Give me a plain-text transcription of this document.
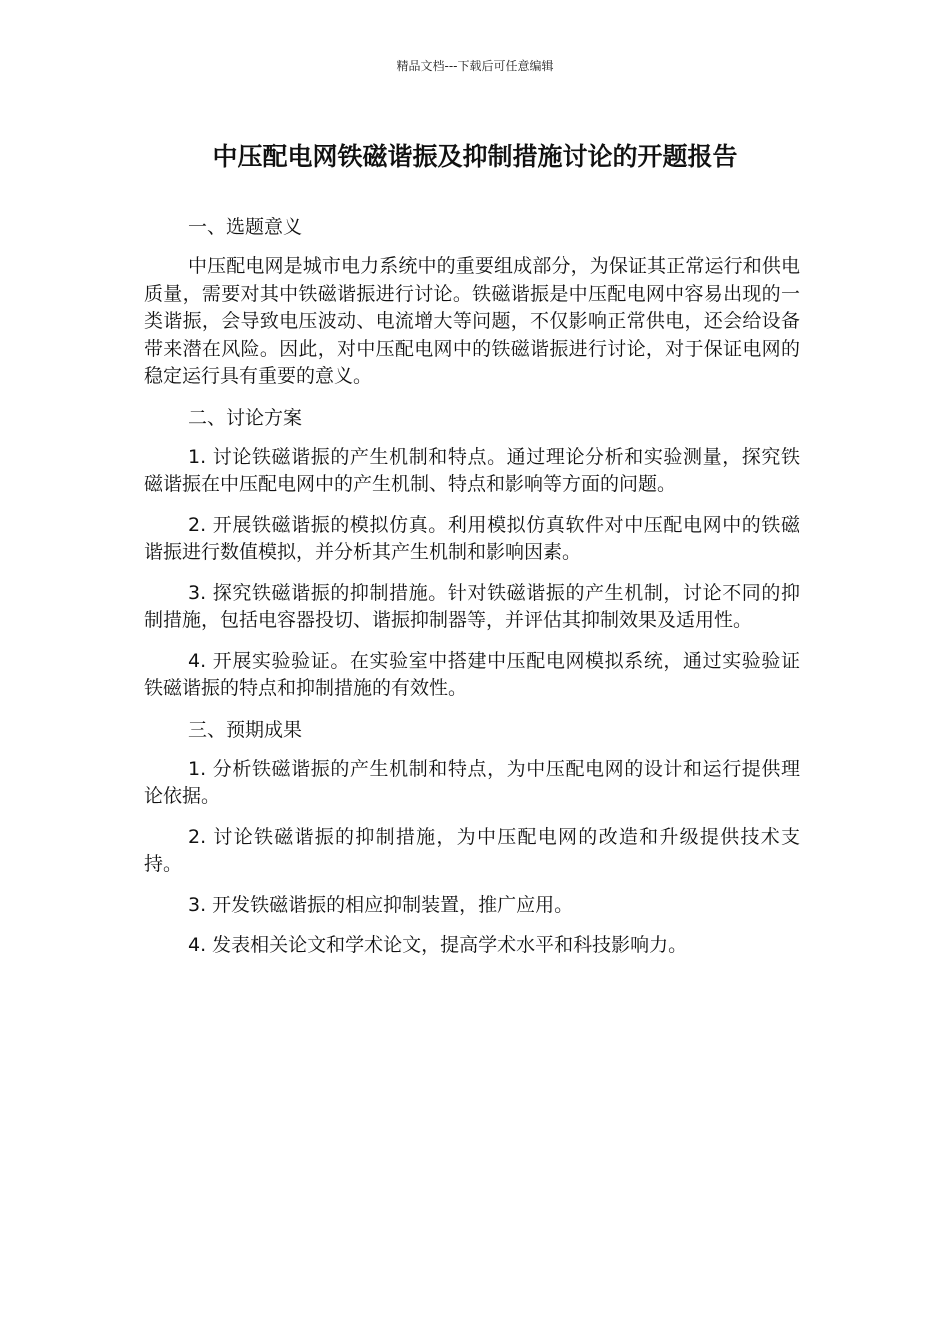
精品文档---下载后可任意编辑
中压配电网铁磁谐振及抑制措施讨论的开题报告

一、选题意义

中压配电网是城市电力系统中的重要组成部分，为保证其正常运行和供电质量，需要对其中铁磁谐振进行讨论。铁磁谐振是中压配电网中容易出现的一类谐振，会导致电压波动、电流增大等问题，不仅影响正常供电，还会给设备带来潜在风险。因此，对中压配电网中的铁磁谐振进行讨论，对于保证电网的稳定运行具有重要的意义。

二、讨论方案

1. 讨论铁磁谐振的产生机制和特点。通过理论分析和实验测量，探究铁磁谐振在中压配电网中的产生机制、特点和影响等方面的问题。

2. 开展铁磁谐振的模拟仿真。利用模拟仿真软件对中压配电网中的铁磁谐振进行数值模拟，并分析其产生机制和影响因素。

3. 探究铁磁谐振的抑制措施。针对铁磁谐振的产生机制，讨论不同的抑制措施，包括电容器投切、谐振抑制器等，并评估其抑制效果及适用性。

4. 开展实验验证。在实验室中搭建中压配电网模拟系统，通过实验验证铁磁谐振的特点和抑制措施的有效性。

三、预期成果

1. 分析铁磁谐振的产生机制和特点，为中压配电网的设计和运行提供理论依据。

2. 讨论铁磁谐振的抑制措施，为中压配电网的改造和升级提供技术支持。

3. 开发铁磁谐振的相应抑制装置，推广应用。

4. 发表相关论文和学术论文，提高学术水平和科技影响力。
